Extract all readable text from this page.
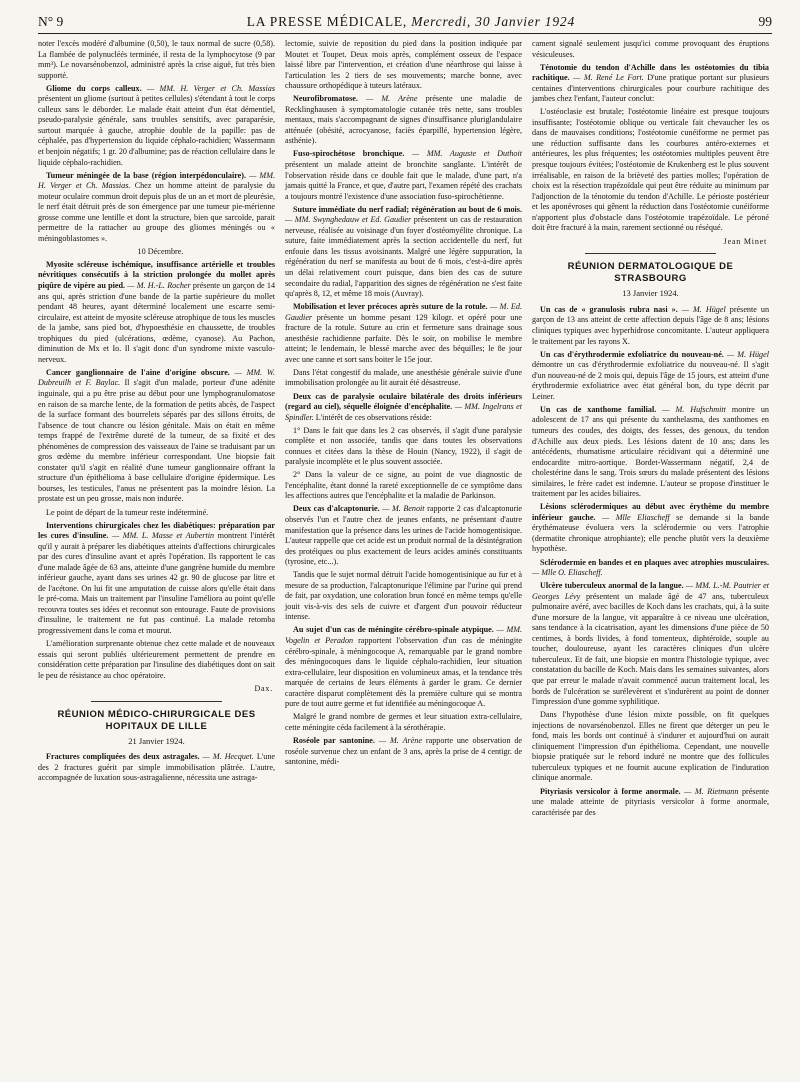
N° 9	LA PRESSE MÉDICALE, Mercredi, 30 Janvier 1924	99

noter l'excès modéré d'albumine (0,50), le taux normal de sucre (0,58). La flambée de polynucléés terminée, il resta de la lymphocytose (9 par mm³). Le novarsénobenzol, administré après la crise aiguë, fut très bien supporté.

Gliome du corps calleux. — MM. H. Verger et Ch. Massias présentent un gliome (surtout à petites cellules) s'étendant à tout le corps calleux sans le déborder. Le malade était atteint d'un état démentiel, pseudo-paralysie générale, sans troubles sensitifs, avec paraparésie, surtout marquée à gauche, atrophie double de la papille: pas de céphalée, pas d'hypertension du liquide céphalo-rachidien; Wassermann et benjoin négatifs; 1 gr. 20 d'albumine; pas de réaction cellulaire dans le liquide céphalo-rachidien.

Tumeur méningée de la base (région interpédonculaire). — MM. H. Verger et Ch. Massias. Chez un homme atteint de paralysie du moteur oculaire commun droit depuis plus de un an et mort de pleurésie, le nerf était détruit près de son émergence par une tumeur pie-mérienne grosse comme une lentille et dont la structure, bien que sarcoïde, parait permettre de la rattacher au groupe des gliomes méningés ou « méningoblastomes ».

10 Décembre.

Myosite scléreuse ischémique, insuffisance artérielle et troubles névritiques consécutifs à la striction prolongée du mollet après piqûre de vipère au pied. — M. H.-L. Rocher présente un garçon de 14 ans qui, après striction d'une bande de la partie supérieure du mollet pendant 48 heures, ayant déterminé localement une escarre semi-circulaire, est atteint de myosite scléreuse atrophique de tous les muscles de la jambe, sans pied bot, d'hypoesthésie en chaussette, de troubles trophiques du pied (ulcérations, œdème, cyanose). Au Pachon, diminution de Mx et Io. Il s'agit donc d'un syndrome mixte vasculo-nerveux.

Cancer ganglionnaire de l'aine d'origine obscure. — MM. W. Dubreuilh et F. Baylac. Il s'agit d'un malade, porteur d'une adénite inguinale, qui a pu être prise au début pour une lymphogranulomatose en raison de sa marche lente, de la formation de petits abcès, de l'aspect de la surface formant des bourrelets séparés par des sillons étroits, de l'absence de tout chancre ou lésion génitale. Mais on était en même temps frappé de l'extrême dureté de la tumeur, de sa fixité et des phénomènes de compression des vaisseaux de l'aine se traduisant par un gros œdème du membre inférieur correspondant. Une biopsie fait constater qu'il s'agit en réalité d'une tumeur ganglionnaire offrant la structure d'un épithélioma à base cellulaire d'origine épidermique. Les bourses, les testicules, l'anus ne présentent pas la moindre lésion. La prostate est un peu grosse, mais non indurée.

Le point de départ de la tumeur reste indéterminé.

Interventions chirurgicales chez les diabétiques: préparation par les cures d'insuline. — MM. L. Masse et Aubertin montrent l'intérêt qu'il y aurait à préparer les diabétiques atteints d'affections chirurgicales par des cures d'insuline avant et après l'opération. Ils rapportent le cas d'une malade âgée de 63 ans, atteinte d'une gangrène humide du membre inférieur gauche, ayant dans ses urines 42 gr. 90 de glucose par litre et de l'acétone. On lui fit une amputation de cuisse alors qu'elle était dans le pré-coma. Mais un traitement par l'insuline l'améliora au point qu'elle recouvra toutes ses idées et reconnut son entourage. Faute de provisions d'insuline, le traitement ne fut pas continué. La malade retomba progressivement dans le coma et mourut.

L'amélioration surprenante obtenue chez cette malade et de nouveaux essais qui seront publiés ultérieurement permettent de prendre en considération cette préparation par l'insuline des diabétiques dont on sait le peu de résistance au choc opératoire.

Dax.
RÉUNION MÉDICO-CHIRURGICALE DES HOPITAUX DE LILLE
21 Janvier 1924.

Fractures compliquées des deux astragales. — M. Hecquet. L'une des 2 fractures guérit par simple immobilisation plâtrée. L'autre, accompagnée de luxation sous-astragalienne, nécessita une astraga-

lectomie, suivie de reposition du pied dans la position indiquée par Moutet et Toupet. Deux mois après, complément osseux de l'espace laissé libre par l'intervention, et création d'une néarthrose qui laisse à l'articulation les 2 tiers de ses mouvements; marche bonne, avec chaussure orthopédique à tuteurs latéraux.

Neurofibromatose. — M. Arène présente une maladie de Recklinghausen à symptomatologie cutanée très nette, sans troubles mentaux, mais s'accompagnant de signes d'insuffisance pluriglandulaire atténuée (obésité, acrocyanose, faciès éparpillé, hypertension légère, asthénie).

Fuso-spirochétose bronchique. — MM. Auguste et Duthoit présentent un malade atteint de bronchite sanglante. L'intérêt de l'observation réside dans ce double fait que le malade, d'une part, n'a jamais quitté la France, et que, d'autre part, l'examen répété des crachats a toujours montré l'existence d'une association fuso-spirochétienne.

Suture immédiate du nerf radial; régénération au bout de 6 mois. — MM. Swynghedauw et Ed. Gaudier présentent un cas de restauration nerveuse, réalisée au voisinage d'un foyer d'ostéomyélite chronique. La suture, faite immédiatement après la section accidentelle du nerf, fut enfouie dans les tissus avoisinants. Malgré une légère suppuration, la régénération du nerf se manifesta au bout de 6 mois, c'est-à-dire après un délai relativement court puisque, dans bien des cas de suture secondaire du radial, l'apparition des signes de régénération ne s'est faite qu'après 8, 12, et même 18 mois (Auvray).

Mobilisation et lever précoces après suture de la rotule. — M. Ed. Gaudier présente un homme pesant 129 kilogr. et opéré pour une fracture de la rotule. Suture au crin et fermeture sans drainage sous anesthésie rachidienne parfaite. Dès le soir, on mobilise le membre atteint; le lendemain, le blessé marche avec des béquilles; le 8e jour avec une canne et sort sans boiter le 15e jour.

Dans l'état congestif du malade, une anesthésie générale suivie d'une immobilisation prolongée au lit aurait été désastreuse.

Deux cas de paralysie oculaire bilatérale des droits inférieurs (regard au ciel), séquelle éloignée d'encéphalite. — MM. Ingelrans et Spindler. L'intérêt de ces observations réside:

1° Dans le fait que dans les 2 cas observés, il s'agit d'une paralysie complète et non associée, tandis que dans toutes les observations connues et citées dans la thèse de Houin (Nancy, 1922), il s'agit de paralysie incomplète et le plus souvent associée.

2° Dans la valeur de ce signe, au point de vue diagnostic de l'encéphalite, étant donné la rareté exceptionnelle de ce symptôme dans les affections autres que l'encéphalite et la maladie de Parkinson.

Deux cas d'alcaptonurie. — M. Benoit rapporte 2 cas d'alcaptonurie observés l'un et l'autre chez de jeunes enfants, ne présentant d'autre manifestation que la présence dans les urines de l'acide homogentisique. L'auteur rappelle que cet acide est un produit normal de la désintégration des protéiques ou plus exactement de leurs acides aminés constituants (tyrosine, etc...).

Tandis que le sujet normal détruit l'acide homogentisinique au fur et à mesure de sa production, l'alcaptonurique l'élimine par l'urine qui prend de fait, par oxydation, une coloration brun foncé en même temps qu'elle jouit vis-à-vis des sels de cuivre et d'argent d'un pouvoir réducteur intense.

Au sujet d'un cas de méningite cérébro-spinale atypique. — MM. Vogelin et Peradon rapportent l'observation d'un cas de méningite cérébro-spinale, à méningocoque A, remarquable par le grand nombre des méningocoques dans le liquide céphalo-rachidien, leur situation extra-cellulaire, leur disposition en volumineux amas, et la tendance très marquée de certains de leurs éléments à garder le gram. Ce dernier caractère disparut complètement dès la première culture qui se montra pure de tout autre germe et fut identifiée au méningocoque A.

Malgré le grand nombre de germes et leur situation extra-cellulaire, cette méningite céda facilement à la sérothérapie.

Roséole par santonine. — M. Arène rapporte une observation de roséole survenue chez un enfant de 3 ans, après la prise de 4 centigr. de santonine, médi-

cament signalé seulement jusqu'ici comme provoquant des éruptions vésiculeuses.

Ténotomie du tendon d'Achille dans les ostéotomies du tibia rachitique. — M. René Le Fort. D'une pratique portant sur plusieurs centaines d'interventions chirurgicales pour courbure rachitique des jambes chez l'enfant, l'auteur conclut:

L'ostéoclasie est brutale; l'ostéotomie linéaire est presque toujours insuffisante; l'ostéotomie oblique ou verticale fait chevaucher les os dans de mauvaises conditions; l'ostéotomie cunéiforme ne permet pas une réduction suffisante dans les courbures antéro-externes et antérieures, les plus fréquentes; les ostéotomies multiples peuvent être presque toujours évitées; l'ostéotomie de Krukenberg est le plus souvent irréalisable, en raison de la brièveté des parties molles; l'opération de choix est la résection trapézoïdale qui peut être réduite au minimum par l'adjonction de la ténotomie du tendon d'Achille. Le périoste postérieur et les aponévroses qui gênent la réduction dans l'ostéotomie cunéiforme n'apportent plus d'obstacle dans l'ostéotomie trapézoïdale. Le péroné doit être fracturé à la main, rarement sectionné ou réséqué.

Jean Minet
RÉUNION DERMATOLOGIQUE DE STRASBOURG
13 Janvier 1924.

Un cas de « granulosis rubra nasi ». — M. Hügel présente un garçon de 13 ans atteint de cette affection depuis l'âge de 8 ans; lésions cliniques typiques avec hyperhidrose concomitante. L'auteur appliquera le traitement par les rayons X.

Un cas d'érythrodermie exfoliatrice du nouveau-né. — M. Hügel démontre un cas d'érythrodermie exfoliatrice du nouveau-né. Il s'agit d'un nouveau-né de 2 mois qui, depuis l'âge de 15 jours, est atteint d'une érythrodermie exfoliatrice avec état général bon, du type décrit par Leiner.

Un cas de xanthome familial. — M. Hufschmitt montre un adolescent de 17 ans qui présente du xanthelasma, des xanthomes en tumeurs des coudes, des doigts, des fesses, des genoux, du tendon d'Achille aux deux pieds. Les lésions datent de 10 ans; dans les antécédents, rhumatisme articulaire récidivant qui a déterminé une endocardite mitro-aortique. Bordet-Wassermann négatif, 2,4 de cholestérine dans le sang. Trois sœurs du malade présentent des lésions similaires, le frère cadet est indemne. L'auteur se propose d'instituer le traitement par les acides biliaires.

Lésions sclérodermiques au début avec érythème du membre inférieur gauche. — Mlle Eliascheff se demande si la bande érythémateuse évoluera vers la sclérodermie ou vers l'atrophie (dermatite chronique atrophiante); elle penche plutôt vers la deuxième hypothèse.

Sclérodermie en bandes et en plaques avec atrophies musculaires. — Mlle O. Eliascheff.

Ulcère tuberculeux anormal de la langue. — MM. L.-M. Pautrier et Georges Lévy présentent un malade âgé de 47 ans, tuberculeux pulmonaire avéré, avec bacilles de Koch dans les crachats, qui, à la suite d'une morsure de la langue, vit apparaître à ce niveau une ulcération, sans tendance à la cicatrisation, ayant les dimensions d'une pièce de 50 centimes, à bords livides, à fond tomenteux, diphtéroïde, souple au toucher, douloureuse, ayant les caractères cliniques d'un ulcère tuberculeux. Et de fait, une biopsie en montra l'histologie typique, avec constatation du bacille de Koch. Mais dans les semaines suivantes, alors que par erreur le malade n'avait commencé aucun traitement local, les bords de l'ulcération se surélevèrent et s'indurèrent au point de donner l'impression d'une gomme syphilitique.

Dans l'hypothèse d'une lésion mixte possible, on fit quelques injections de novarsénobenzol. Elles ne firent que déterger un peu le fond, mais les bords ont continué à s'indurer et aujourd'hui on aurait cliniquement l'impression d'un épithélioma. Cependant, une nouvelle biopsie pratiquée sur le rebord induré ne montre que des follicules tuberculeux typiques et ne fournit aucune explication de l'induration clinique anormale.

Pityriasis versicolor à forme anormale. — M. Rietmann présente une malade atteinte de pityriasis versicolor à forme anormale, caractérisée par des
